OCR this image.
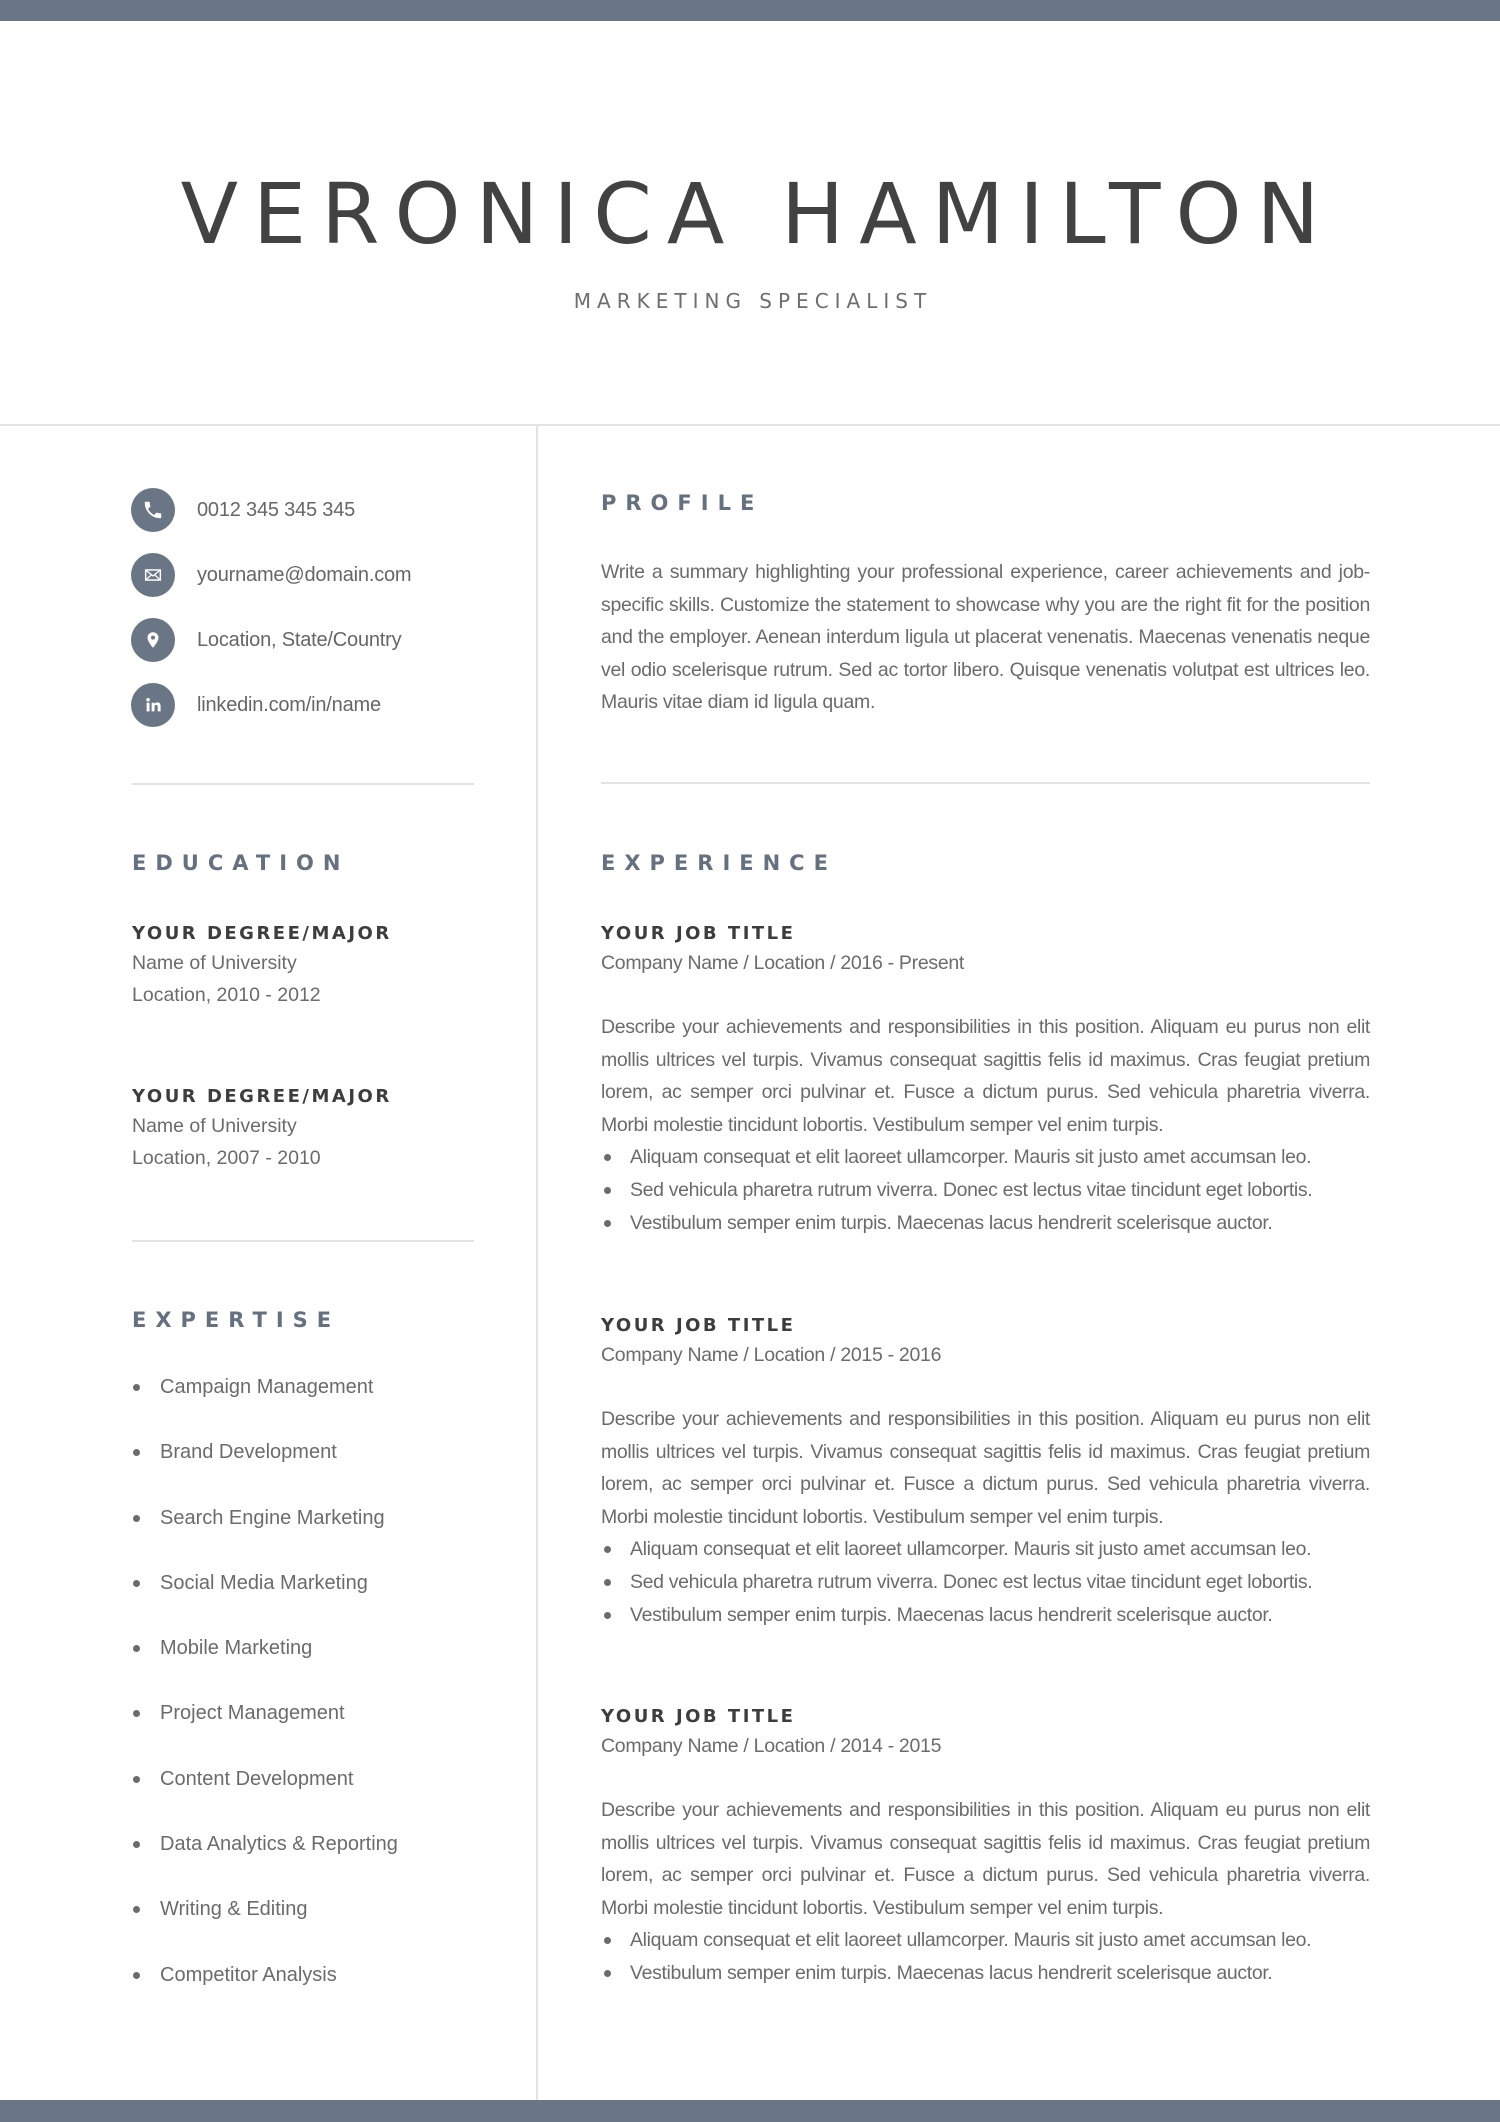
VERONICA HAMILTON
MARKETING SPECIALIST
0012 345 345 345
yourname@domain.com
Location, State/Country
linkedin.com/in/name
EDUCATION
YOUR DEGREE/MAJOR
Name of University
Location, 2010 - 2012
YOUR DEGREE/MAJOR
Name of University
Location, 2007 - 2010
EXPERTISE
Campaign Management
Brand Development
Search Engine Marketing
Social Media Marketing
Mobile Marketing
Project Management
Content Development
Data Analytics & Reporting
Writing & Editing
Competitor Analysis
PROFILE

Write a summary highlighting your professional experience, career achievements and job-specific skills. Customize the statement to showcase why you are the right fit for the position and the employer. Aenean interdum ligula ut placerat venenatis. Maecenas venenatis neque vel odio scelerisque rutrum. Sed ac tortor libero. Quisque venenatis volutpat est ultrices leo. Mauris vitae diam id ligula quam.

EXPERIENCE
YOUR JOB TITLE
Company Name / Location / 2016 - Present

Describe your achievements and responsibilities in this position. Aliquam eu purus non elit mollis ultrices vel turpis. Vivamus consequat sagittis felis id maximus. Cras feugiat pretium lorem, ac semper orci pulvinar et. Fusce a dictum purus. Sed vehicula pharetria viverra. Morbi molestie tincidunt lobortis. Vestibulum semper vel enim turpis.

Aliquam consequat et elit laoreet ullamcorper. Mauris sit justo amet accumsan leo.
Sed vehicula pharetra rutrum viverra. Donec est lectus vitae tincidunt eget lobortis.
Vestibulum semper enim turpis. Maecenas lacus hendrerit scelerisque auctor.
YOUR JOB TITLE
Company Name / Location / 2015 - 2016

Describe your achievements and responsibilities in this position. Aliquam eu purus non elit mollis ultrices vel turpis. Vivamus consequat sagittis felis id maximus. Cras feugiat pretium lorem, ac semper orci pulvinar et. Fusce a dictum purus. Sed vehicula pharetria viverra. Morbi molestie tincidunt lobortis. Vestibulum semper vel enim turpis.

Aliquam consequat et elit laoreet ullamcorper. Mauris sit justo amet accumsan leo.
Sed vehicula pharetra rutrum viverra. Donec est lectus vitae tincidunt eget lobortis.
Vestibulum semper enim turpis. Maecenas lacus hendrerit scelerisque auctor.
YOUR JOB TITLE
Company Name / Location / 2014 - 2015

Describe your achievements and responsibilities in this position. Aliquam eu purus non elit mollis ultrices vel turpis. Vivamus consequat sagittis felis id maximus. Cras feugiat pretium lorem, ac semper orci pulvinar et. Fusce a dictum purus. Sed vehicula pharetria viverra. Morbi molestie tincidunt lobortis. Vestibulum semper vel enim turpis.

Aliquam consequat et elit laoreet ullamcorper. Mauris sit justo amet accumsan leo.
Vestibulum semper enim turpis. Maecenas lacus hendrerit scelerisque auctor.
